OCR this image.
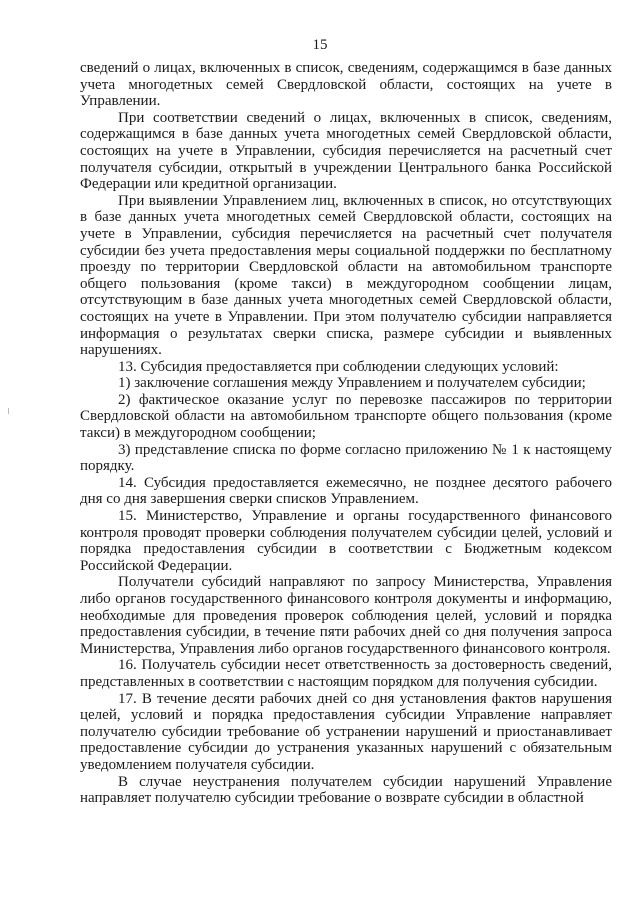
15

сведений о лицах, включенных в список, сведениям, содержащимся в базе данных учета многодетных семей Свердловской области, состоящих на учете в Управлении.

При соответствии сведений о лицах, включенных в список, сведениям, содержащимся в базе данных учета многодетных семей Свердловской области, состоящих на учете в Управлении, субсидия перечисляется на расчетный счет получателя субсидии, открытый в учреждении Центрального банка Российской Федерации или кредитной организации.

При выявлении Управлением лиц, включенных в список, но отсутствующих в базе данных учета многодетных семей Свердловской области, состоящих на учете в Управлении, субсидия перечисляется на расчетный счет получателя субсидии без учета предоставления меры социальной поддержки по бесплатному проезду по территории Свердловской области на автомобильном транспорте общего пользования (кроме такси) в междугородном сообщении лицам, отсутствующим в базе данных учета многодетных семей Свердловской области, состоящих на учете в Управлении. При этом получателю субсидии направляется информация о результатах сверки списка, размере субсидии и выявленных нарушениях.

13. Субсидия предоставляется при соблюдении следующих условий:

1) заключение соглашения между Управлением и получателем субсидии;

2) фактическое оказание услуг по перевозке пассажиров по территории Свердловской области на автомобильном транспорте общего пользования (кроме такси) в междугородном сообщении;

3) представление списка по форме согласно приложению № 1 к настоящему порядку.

14. Субсидия предоставляется ежемесячно, не позднее десятого рабочего дня со дня завершения сверки списков Управлением.

15. Министерство, Управление и органы государственного финансового контроля проводят проверки соблюдения получателем субсидии целей, условий и порядка предоставления субсидии в соответствии с Бюджетным кодексом Российской Федерации.

Получатели субсидий направляют по запросу Министерства, Управления либо органов государственного финансового контроля документы и информацию, необходимые для проведения проверок соблюдения целей, условий и порядка предоставления субсидии, в течение пяти рабочих дней со дня получения запроса Министерства, Управления либо органов государственного финансового контроля.

16. Получатель субсидии несет ответственность за достоверность сведений, представленных в соответствии с настоящим порядком для получения субсидии.

17. В течение десяти рабочих дней со дня установления фактов нарушения целей, условий и порядка предоставления субсидии Управление направляет получателю субсидии требование об устранении нарушений и приостанавливает предоставление субсидии до устранения указанных нарушений с обязательным уведомлением получателя субсидии.

В случае неустранения получателем субсидии нарушений Управление направляет получателю субсидии требование о возврате субсидии в областной
